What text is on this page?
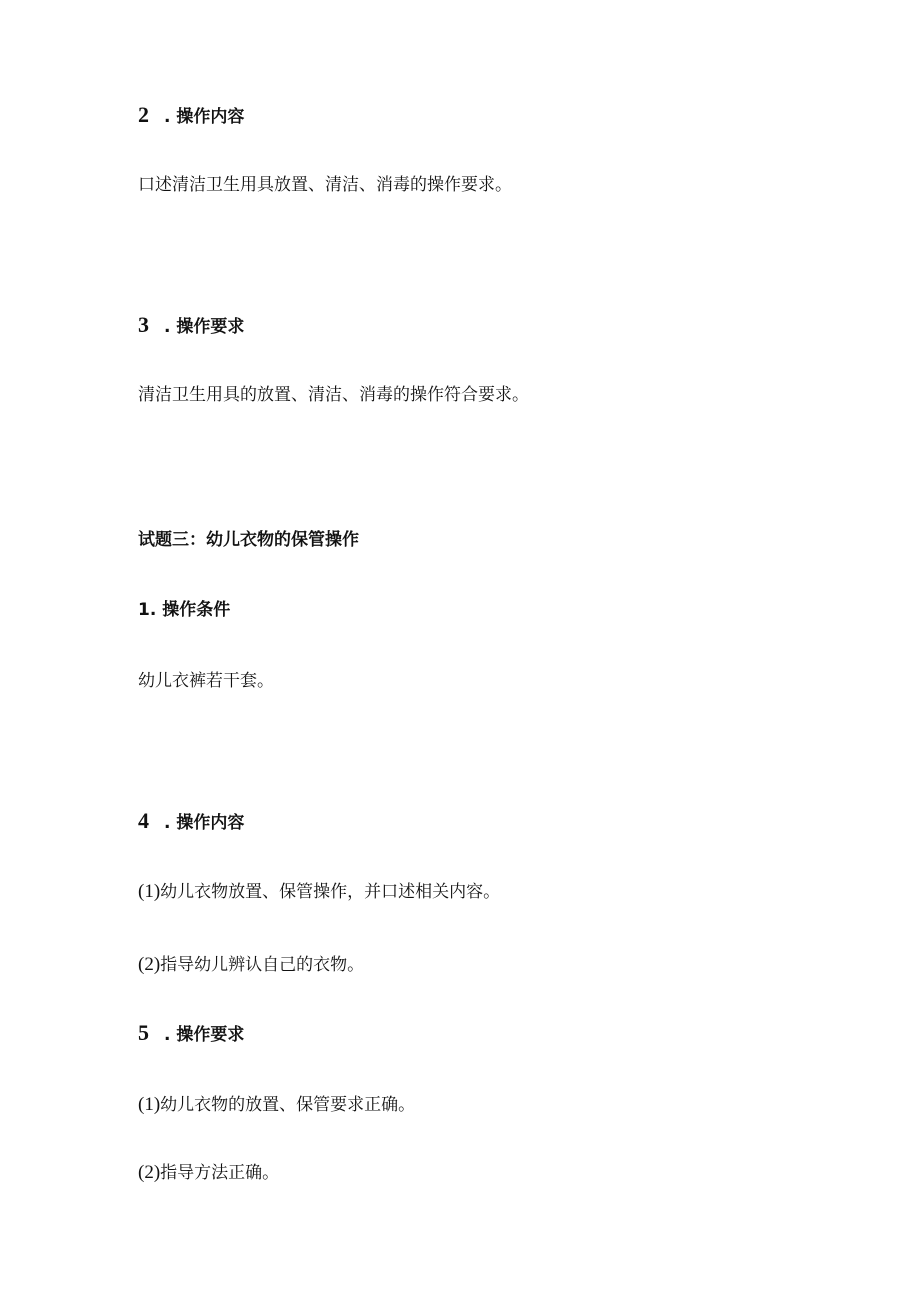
2 . 操作内容
口述清洁卫生用具放置、清洁、消毒的操作要求。
3 . 操作要求
清洁卫生用具的放置、清洁、消毒的操作符合要求。
试题三：幼儿衣物的保管操作
1. 操作条件
幼儿衣裤若干套。
4 . 操作内容
(1)幼儿衣物放置、保管操作，并口述相关内容。
(2)指导幼儿辨认自己的衣物。
5 . 操作要求
(1)幼儿衣物的放置、保管要求正确。
(2)指导方法正确。
